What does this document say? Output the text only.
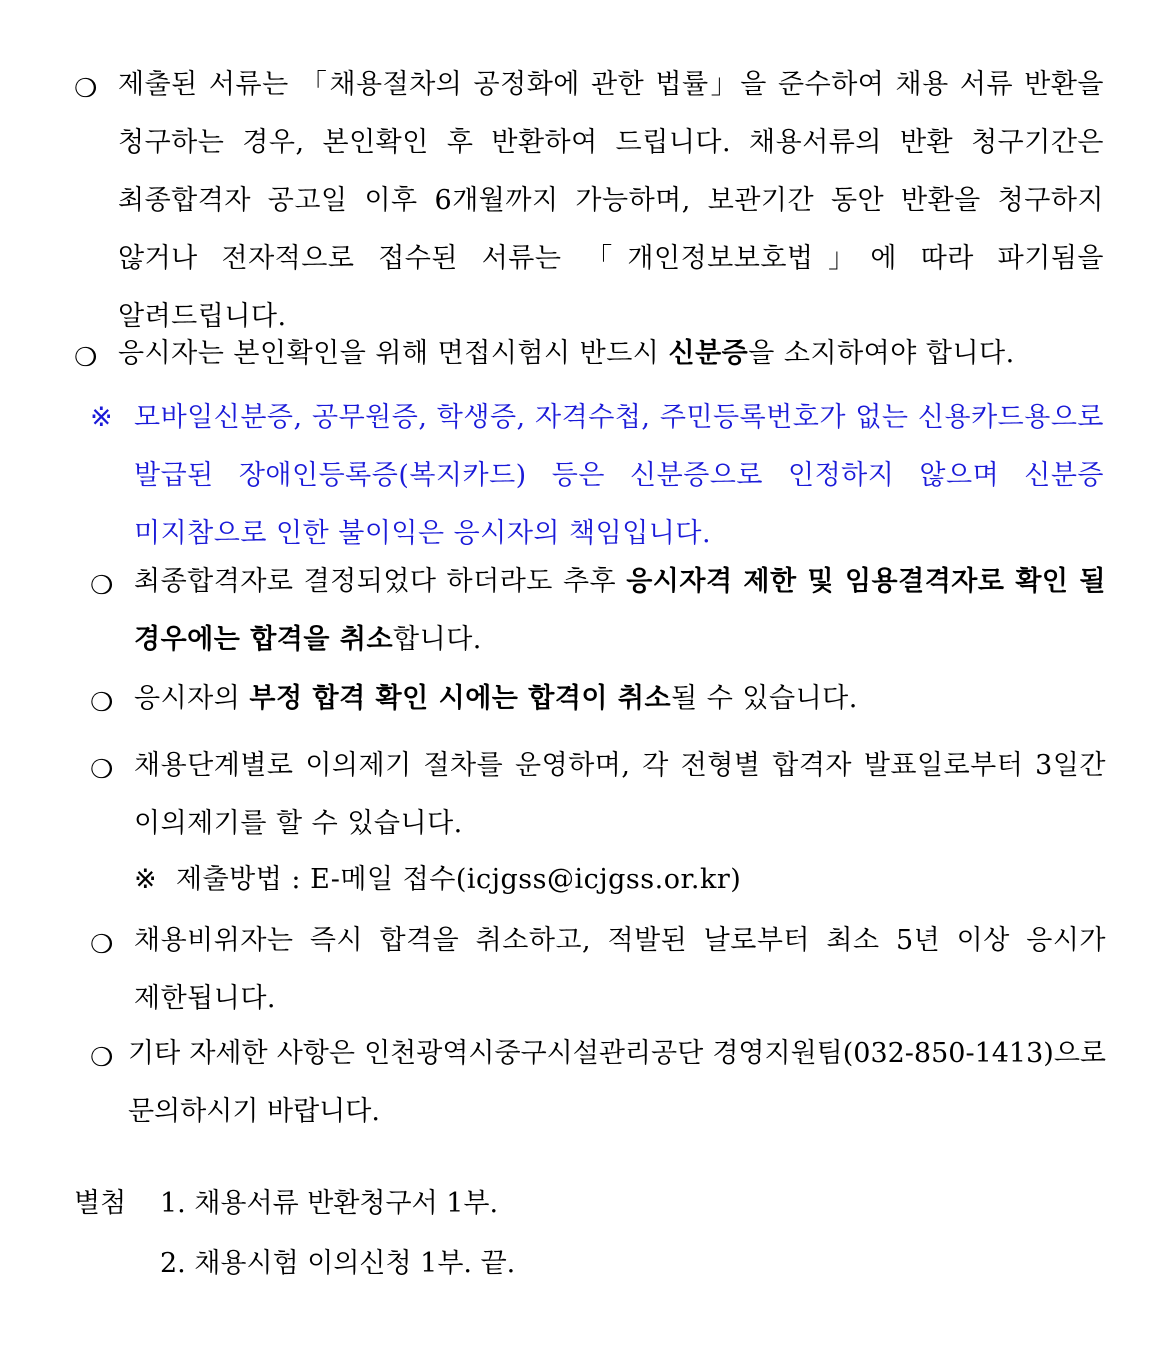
❍ 제출된 서류는 「채용절차의 공정화에 관한 법률」을 준수하여 채용 서류 반환을 청구하는 경우, 본인확인 후 반환하여 드립니다. 채용서류의 반환 청구기간은 최종합격자 공고일 이후 6개월까지 가능하며, 보관기간 동안 반환을 청구하지 않거나 전자적으로 접수된 서류는 「개인정보보호법」에 따라 파기됨을 알려드립니다.
❍ 응시자는 본인확인을 위해 면접시험시 반드시 신분증을 소지하여야 합니다.
※ 모바일신분증, 공무원증, 학생증, 자격수첩, 주민등록번호가 없는 신용카드용으로 발급된 장애인등록증(복지카드) 등은 신분증으로 인정하지 않으며 신분증 미지참으로 인한 불이익은 응시자의 책임입니다.
❍ 최종합격자로 결정되었다 하더라도 추후 응시자격 제한 및 임용결격자로 확인 될 경우에는 합격을 취소합니다.
❍ 응시자의 부정 합격 확인 시에는 합격이 취소될 수 있습니다.
❍ 채용단계별로 이의제기 절차를 운영하며, 각 전형별 합격자 발표일로부터 3일간 이의제기를 할 수 있습니다.
※ 제출방법 : E-메일 접수(icjgss@icjgss.or.kr)
❍ 채용비위자는 즉시 합격을 취소하고, 적발된 날로부터 최소 5년 이상 응시가 제한됩니다.
❍ 기타 자세한 사항은 인천광역시중구시설관리공단 경영지원팀(032-850-1413)으로 문의하시기 바랍니다.
별첨 1. 채용서류 반환청구서 1부.
2. 채용시험 이의신청 1부. 끝.
